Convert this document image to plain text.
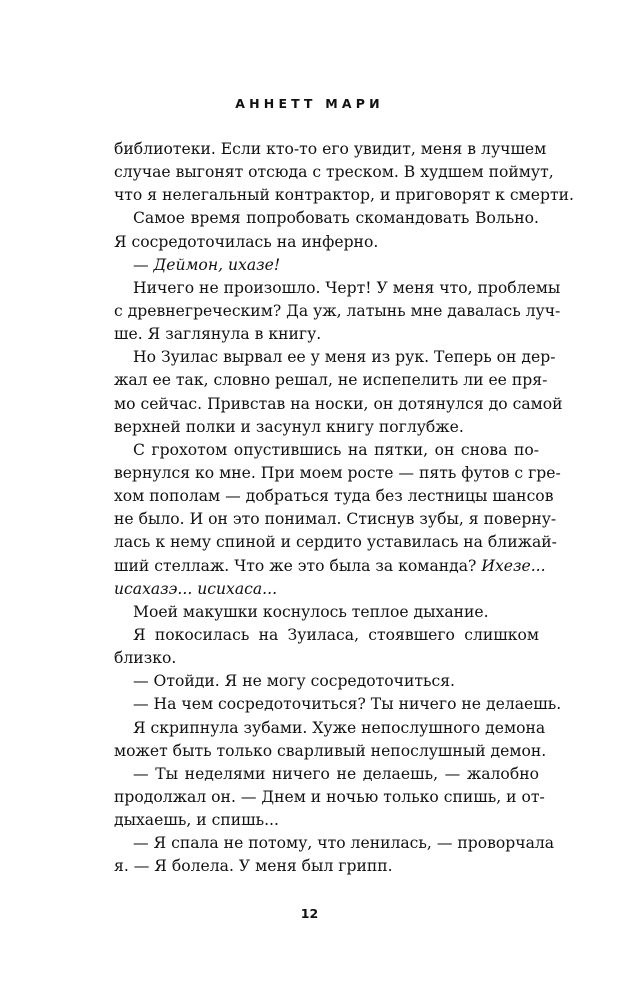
АННЕТТ МАРИ
библиотеки. Если кто-то его увидит, меня в лучшем
случае выгонят отсюда с треском. В худшем поймут,
что я нелегальный контрактор, и приговорят к смерти.
Самое время попробовать скомандовать Вольно.
Я сосредоточилась на инферно.
— Деймон, ихазе!
Ничего не произошло. Черт! У меня что, проблемы
с древнегреческим? Да уж, латынь мне давалась луч-
ше. Я заглянула в книгу.
Но Зуилас вырвал ее у меня из рук. Теперь он дер-
жал ее так, словно решал, не испепелить ли ее пря-
мо сейчас. Привстав на носки, он дотянулся до самой
верхней полки и засунул книгу поглубже.
С грохотом опустившись на пятки, он снова по-
вернулся ко мне. При моем росте — пять футов с гре-
хом пополам — добраться туда без лестницы шансов
не было. И он это понимал. Стиснув зубы, я поверну-
лась к нему спиной и сердито уставилась на ближай-
ший стеллаж. Что же это была за команда? Ихезе...
исахазэ... исихаса...
Моей макушки коснулось теплое дыхание.
Я покосилась на Зуиласа, стоявшего слишком
близко.
— Отойди. Я не могу сосредоточиться.
— На чем сосредоточиться? Ты ничего не делаешь.
Я скрипнула зубами. Хуже непослушного демона
может быть только сварливый непослушный демон.
— Ты неделями ничего не делаешь, — жалобно
продолжал он. — Днем и ночью только спишь, и от-
дыхаешь, и спишь...
— Я спала не потому, что ленилась, — проворчала
я. — Я болела. У меня был грипп.
12
